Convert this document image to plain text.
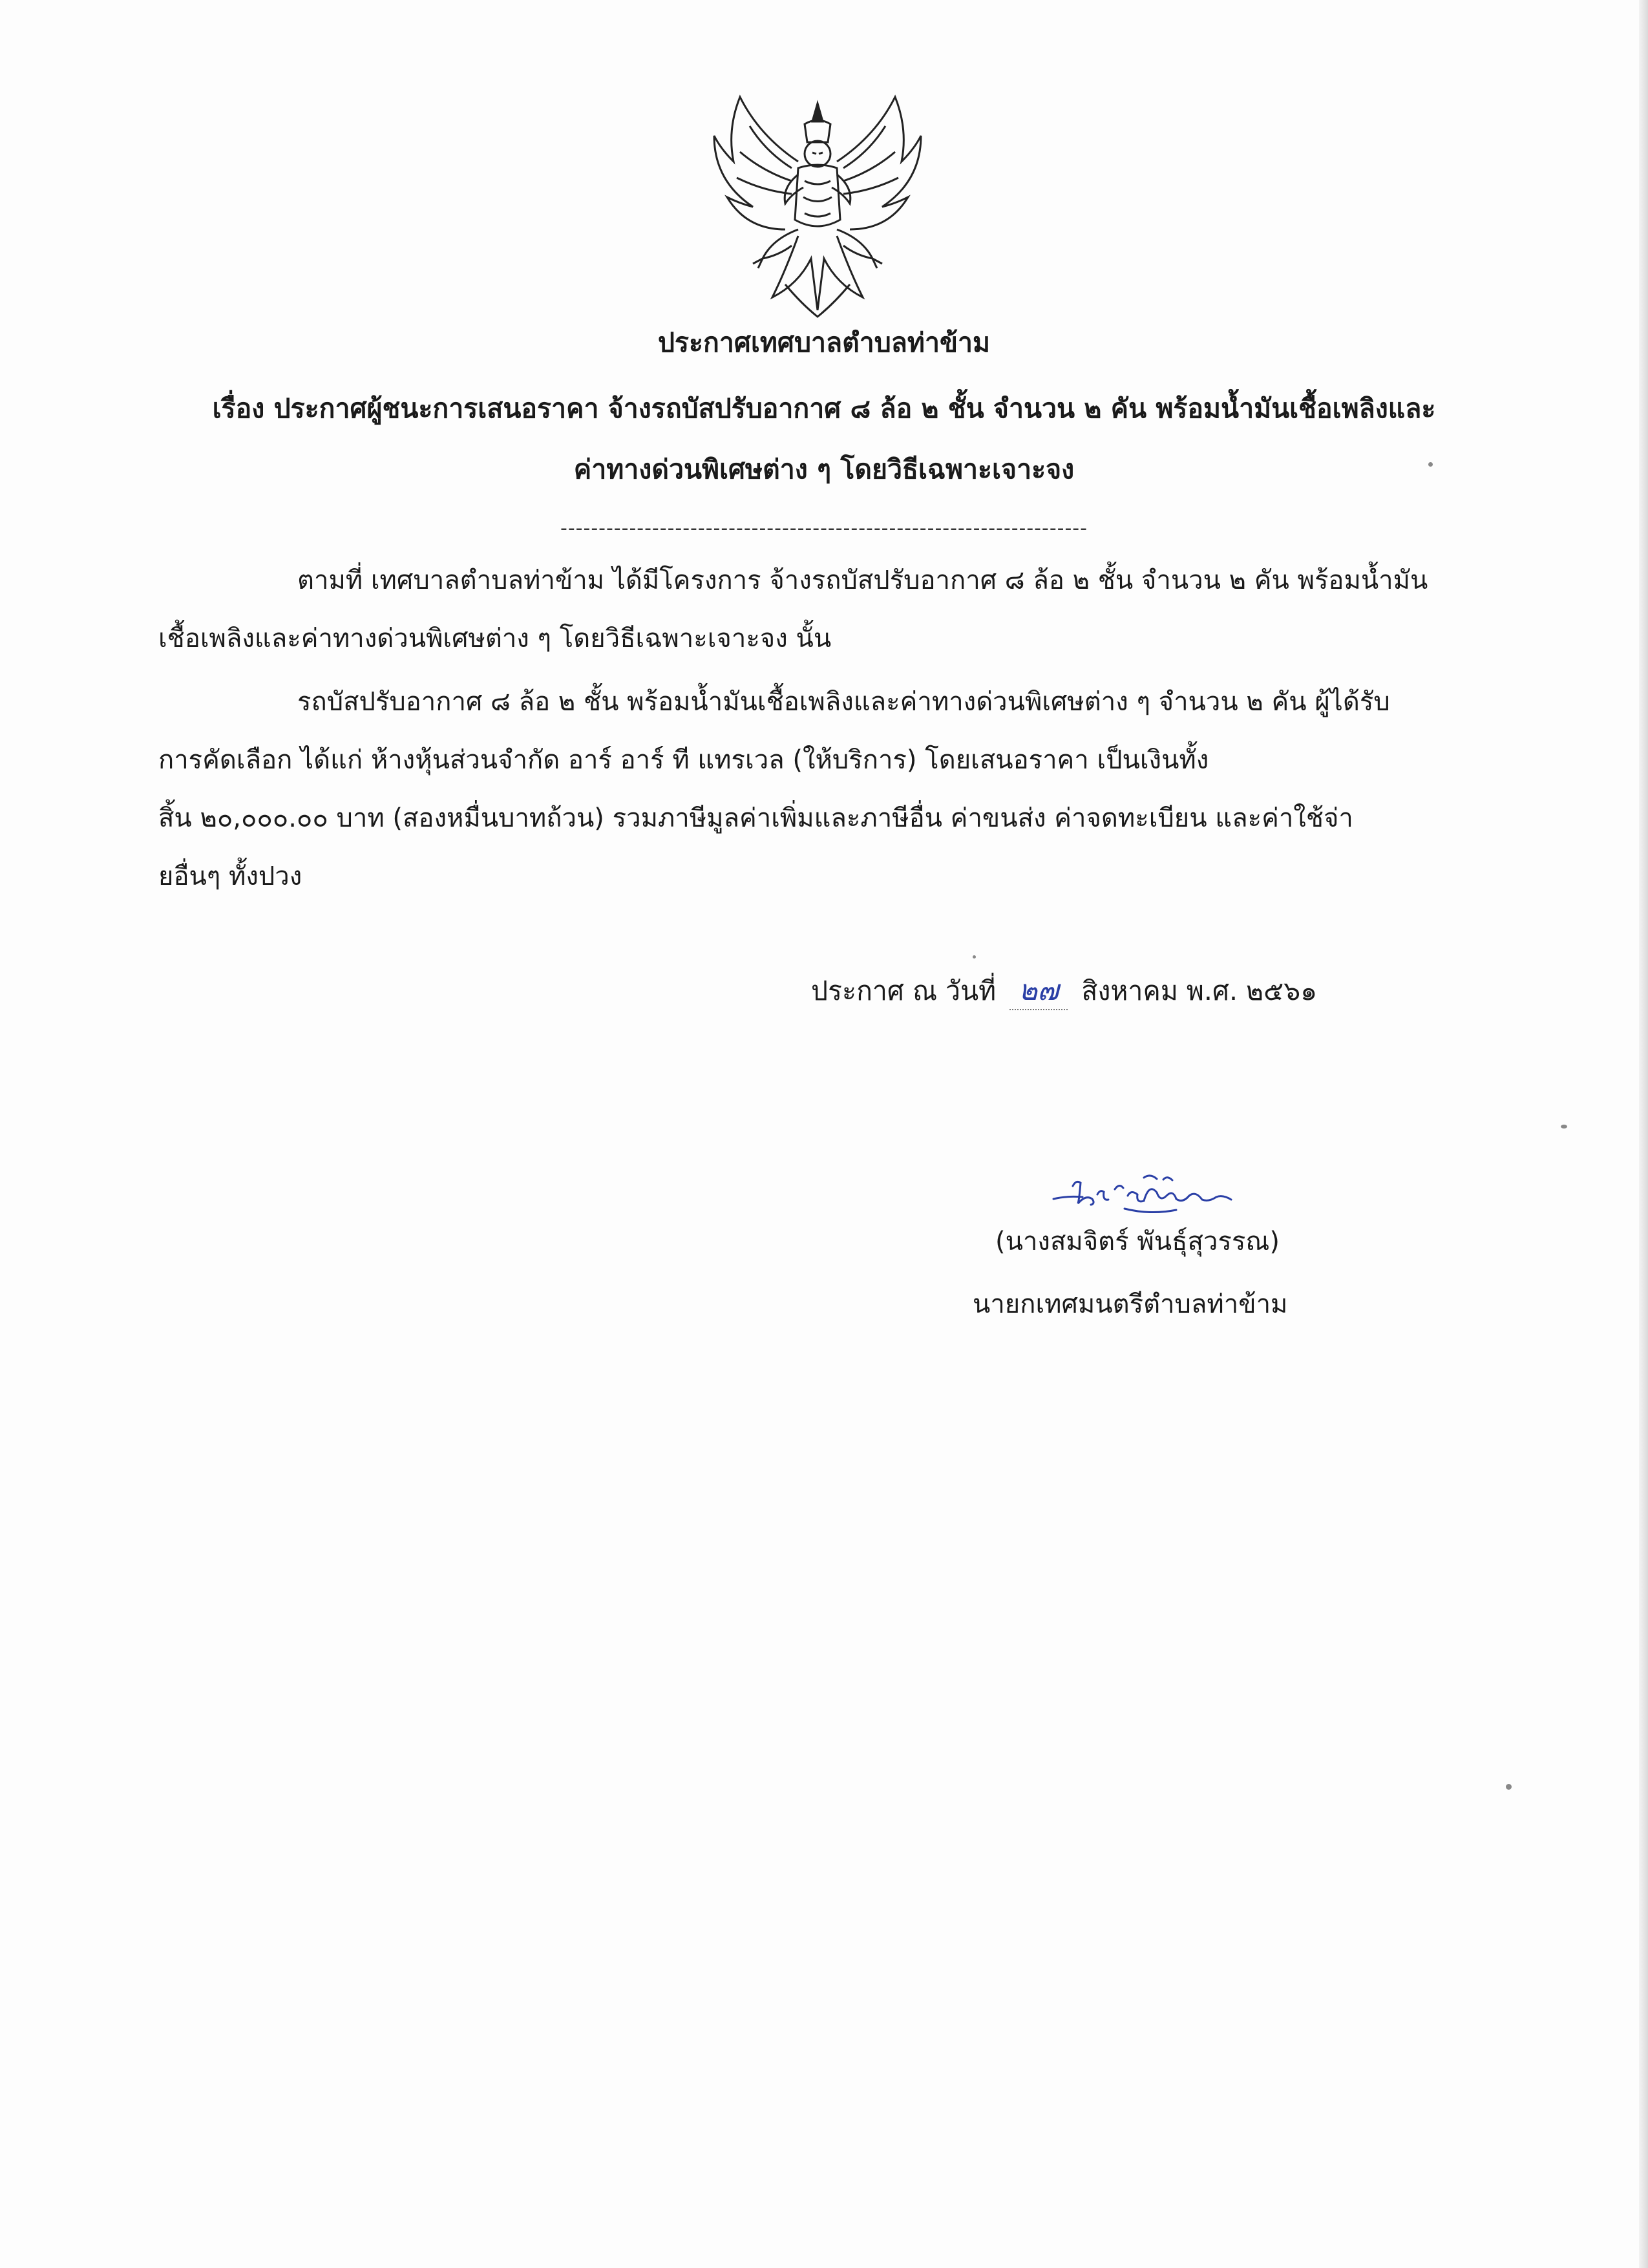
ประกาศเทศบาลตำบลท่าข้าม
เรื่อง ประกาศผู้ชนะการเสนอราคา จ้างรถบัสปรับอากาศ ๘ ล้อ ๒ ชั้น จำนวน ๒ คัน พร้อมน้ำมันเชื้อเพลิงและ
ค่าทางด่วนพิเศษต่าง ๆ โดยวิธีเฉพาะเจาะจง
---------------------------------------------------------------------
ตามที่ เทศบาลตำบลท่าข้าม ได้มีโครงการ จ้างรถบัสปรับอากาศ ๘ ล้อ ๒ ชั้น จำนวน ๒ คัน พร้อมน้ำมัน
เชื้อเพลิงและค่าทางด่วนพิเศษต่าง ๆ โดยวิธีเฉพาะเจาะจง นั้น
รถบัสปรับอากาศ ๘ ล้อ ๒ ชั้น พร้อมน้ำมันเชื้อเพลิงและค่าทางด่วนพิเศษต่าง ๆ จำนวน ๒ คัน ผู้ได้รับ
การคัดเลือก ได้แก่ ห้างหุ้นส่วนจำกัด อาร์ อาร์ ที แทรเวล (ให้บริการ) โดยเสนอราคา เป็นเงินทั้ง
สิ้น ๒๐,๐๐๐.๐๐ บาท (สองหมื่นบาทถ้วน) รวมภาษีมูลค่าเพิ่มและภาษีอื่น ค่าขนส่ง ค่าจดทะเบียน และค่าใช้จ่า
ยอื่นๆ ทั้งปวง
ประกาศ ณ วันที่ ๒๗ สิงหาคม พ.ศ. ๒๕๖๑
(นางสมจิตร์ พันธุ์สุวรรณ)
นายกเทศมนตรีตำบลท่าข้าม
